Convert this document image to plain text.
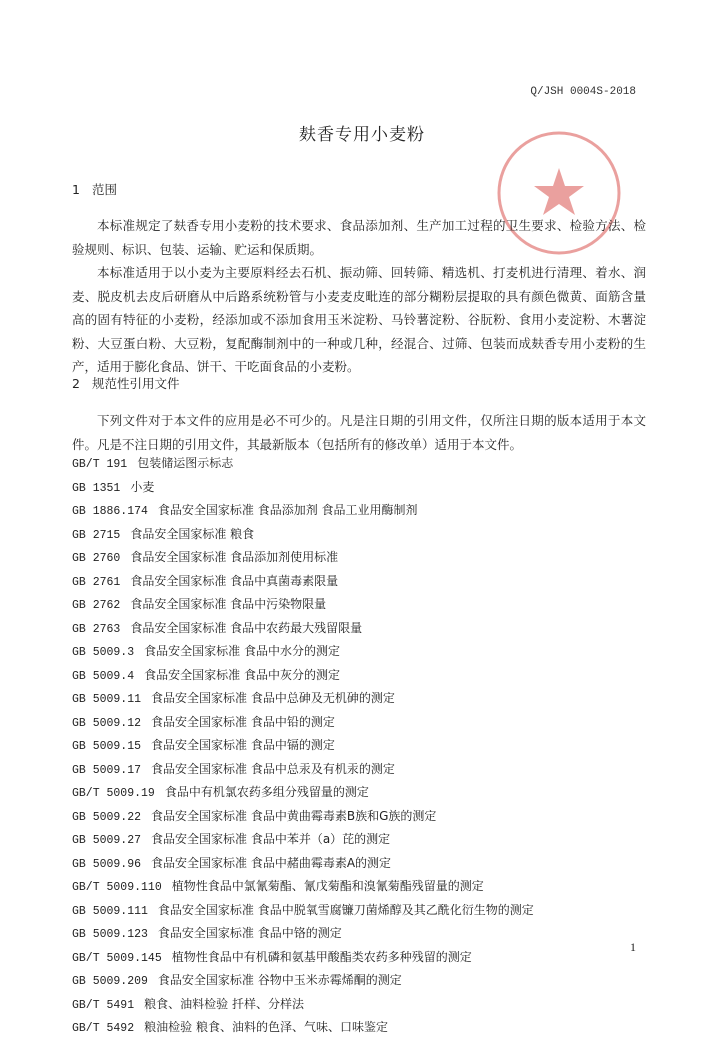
Q/JSH 0004S-2018
麸香专用小麦粉
1 范围

本标准规定了麸香专用小麦粉的技术要求、食品添加剂、生产加工过程的卫生要求、检验方法、检验规则、标识、包装、运输、贮运和保质期。

本标准适用于以小麦为主要原料经去石机、振动筛、回转筛、精选机、打麦机进行清理、着水、润麦、脱皮机去皮后研磨从中后路系统粉管与小麦麦皮毗连的部分糊粉层提取的具有颜色微黄、面筋含量高的固有特征的小麦粉，经添加或不添加食用玉米淀粉、马铃薯淀粉、谷朊粉、食用小麦淀粉、木薯淀粉、大豆蛋白粉、大豆粉，复配酶制剂中的一种或几种，经混合、过筛、包装而成麸香专用小麦粉的生产，适用于膨化食品、饼干、干吃面食品的小麦粉。

2 规范性引用文件

下列文件对于本文件的应用是必不可少的。凡是注日期的引用文件，仅所注日期的版本适用于本文件。凡是不注日期的引用文件，其最新版本（包括所有的修改单）适用于本文件。

GB/T 191 包装储运图示标志
GB 1351 小麦
GB 1886.174 食品安全国家标准 食品添加剂 食品工业用酶制剂
GB 2715 食品安全国家标准 粮食
GB 2760 食品安全国家标准 食品添加剂使用标准
GB 2761 食品安全国家标准 食品中真菌毒素限量
GB 2762 食品安全国家标准 食品中污染物限量
GB 2763 食品安全国家标准 食品中农药最大残留限量
GB 5009.3 食品安全国家标准 食品中水分的测定
GB 5009.4 食品安全国家标准 食品中灰分的测定
GB 5009.11 食品安全国家标准 食品中总砷及无机砷的测定
GB 5009.12 食品安全国家标准 食品中铅的测定
GB 5009.15 食品安全国家标准 食品中镉的测定
GB 5009.17 食品安全国家标准 食品中总汞及有机汞的测定
GB/T 5009.19 食品中有机氯农药多组分残留量的测定
GB 5009.22 食品安全国家标准 食品中黄曲霉毒素B族和G族的测定
GB 5009.27 食品安全国家标准 食品中苯并（a）芘的测定
GB 5009.96 食品安全国家标准 食品中赭曲霉毒素A的测定
GB/T 5009.110 植物性食品中氯氰菊酯、氰戊菊酯和溴氰菊酯残留量的测定
GB 5009.111 食品安全国家标准 食品中脱氧雪腐镰刀菌烯醇及其乙酰化衍生物的测定
GB 5009.123 食品安全国家标准 食品中铬的测定
GB/T 5009.145 植物性食品中有机磷和氨基甲酸酯类农药多种残留的测定
GB 5009.209 食品安全国家标准 谷物中玉米赤霉烯酮的测定
GB/T 5491 粮食、油料检验 扦样、分样法
GB/T 5492 粮油检验 粮食、油料的色泽、气味、口味鉴定
1
